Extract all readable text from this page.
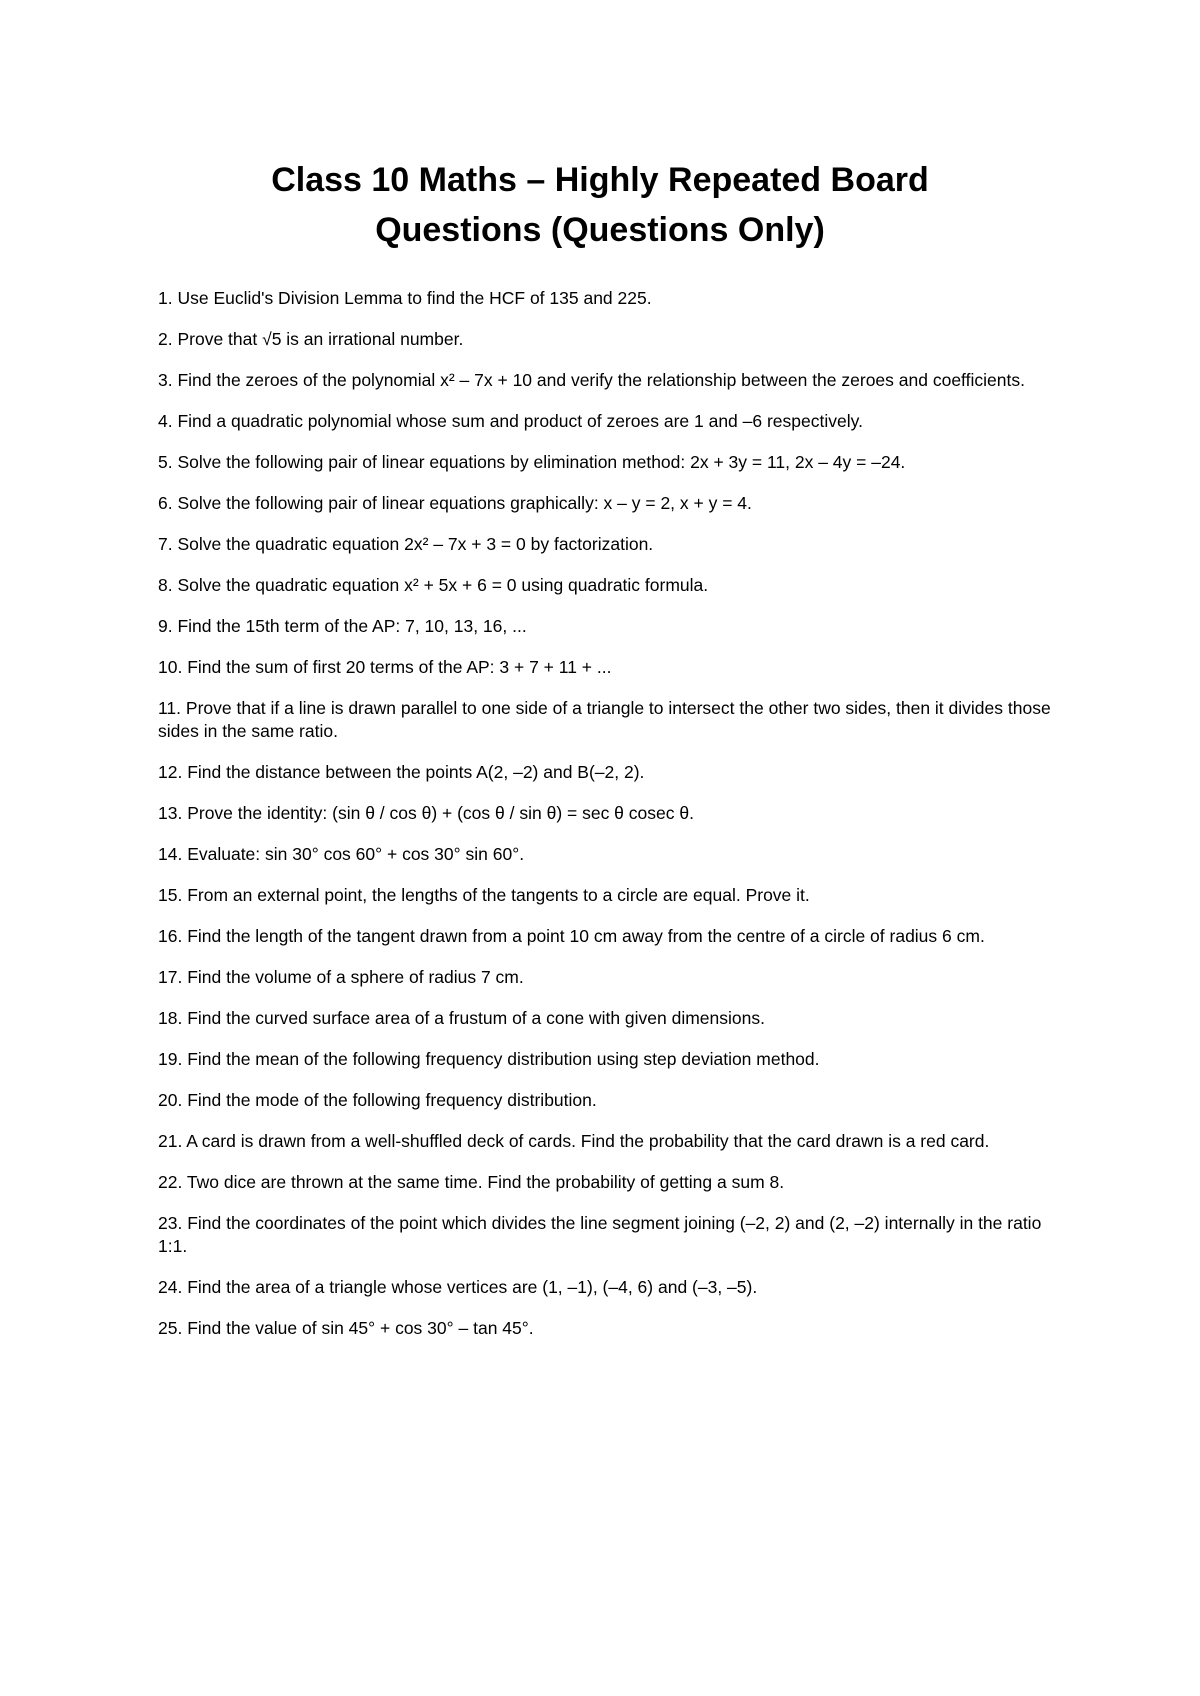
Class 10 Maths – Highly Repeated Board
Questions (Questions Only)
1. Use Euclid's Division Lemma to find the HCF of 135 and 225.
2. Prove that √5 is an irrational number.
3. Find the zeroes of the polynomial x² – 7x + 10 and verify the relationship between the zeroes and coefficients.
4. Find a quadratic polynomial whose sum and product of zeroes are 1 and –6 respectively.
5. Solve the following pair of linear equations by elimination method: 2x + 3y = 11, 2x – 4y = –24.
6. Solve the following pair of linear equations graphically: x – y = 2, x + y = 4.
7. Solve the quadratic equation 2x² – 7x + 3 = 0 by factorization.
8. Solve the quadratic equation x² + 5x + 6 = 0 using quadratic formula.
9. Find the 15th term of the AP: 7, 10, 13, 16, ...
10. Find the sum of first 20 terms of the AP: 3 + 7 + 11 + ...
11. Prove that if a line is drawn parallel to one side of a triangle to intersect the other two sides, then it divides those sides in the same ratio.
12. Find the distance between the points A(2, –2) and B(–2, 2).
13. Prove the identity: (sin θ / cos θ) + (cos θ / sin θ) = sec θ cosec θ.
14. Evaluate: sin 30° cos 60° + cos 30° sin 60°.
15. From an external point, the lengths of the tangents to a circle are equal. Prove it.
16. Find the length of the tangent drawn from a point 10 cm away from the centre of a circle of radius 6 cm.
17. Find the volume of a sphere of radius 7 cm.
18. Find the curved surface area of a frustum of a cone with given dimensions.
19. Find the mean of the following frequency distribution using step deviation method.
20. Find the mode of the following frequency distribution.
21. A card is drawn from a well-shuffled deck of cards. Find the probability that the card drawn is a red card.
22. Two dice are thrown at the same time. Find the probability of getting a sum 8.
23. Find the coordinates of the point which divides the line segment joining (–2, 2) and (2, –2) internally in the ratio 1:1.
24. Find the area of a triangle whose vertices are (1, –1), (–4, 6) and (–3, –5).
25. Find the value of sin 45° + cos 30° – tan 45°.
